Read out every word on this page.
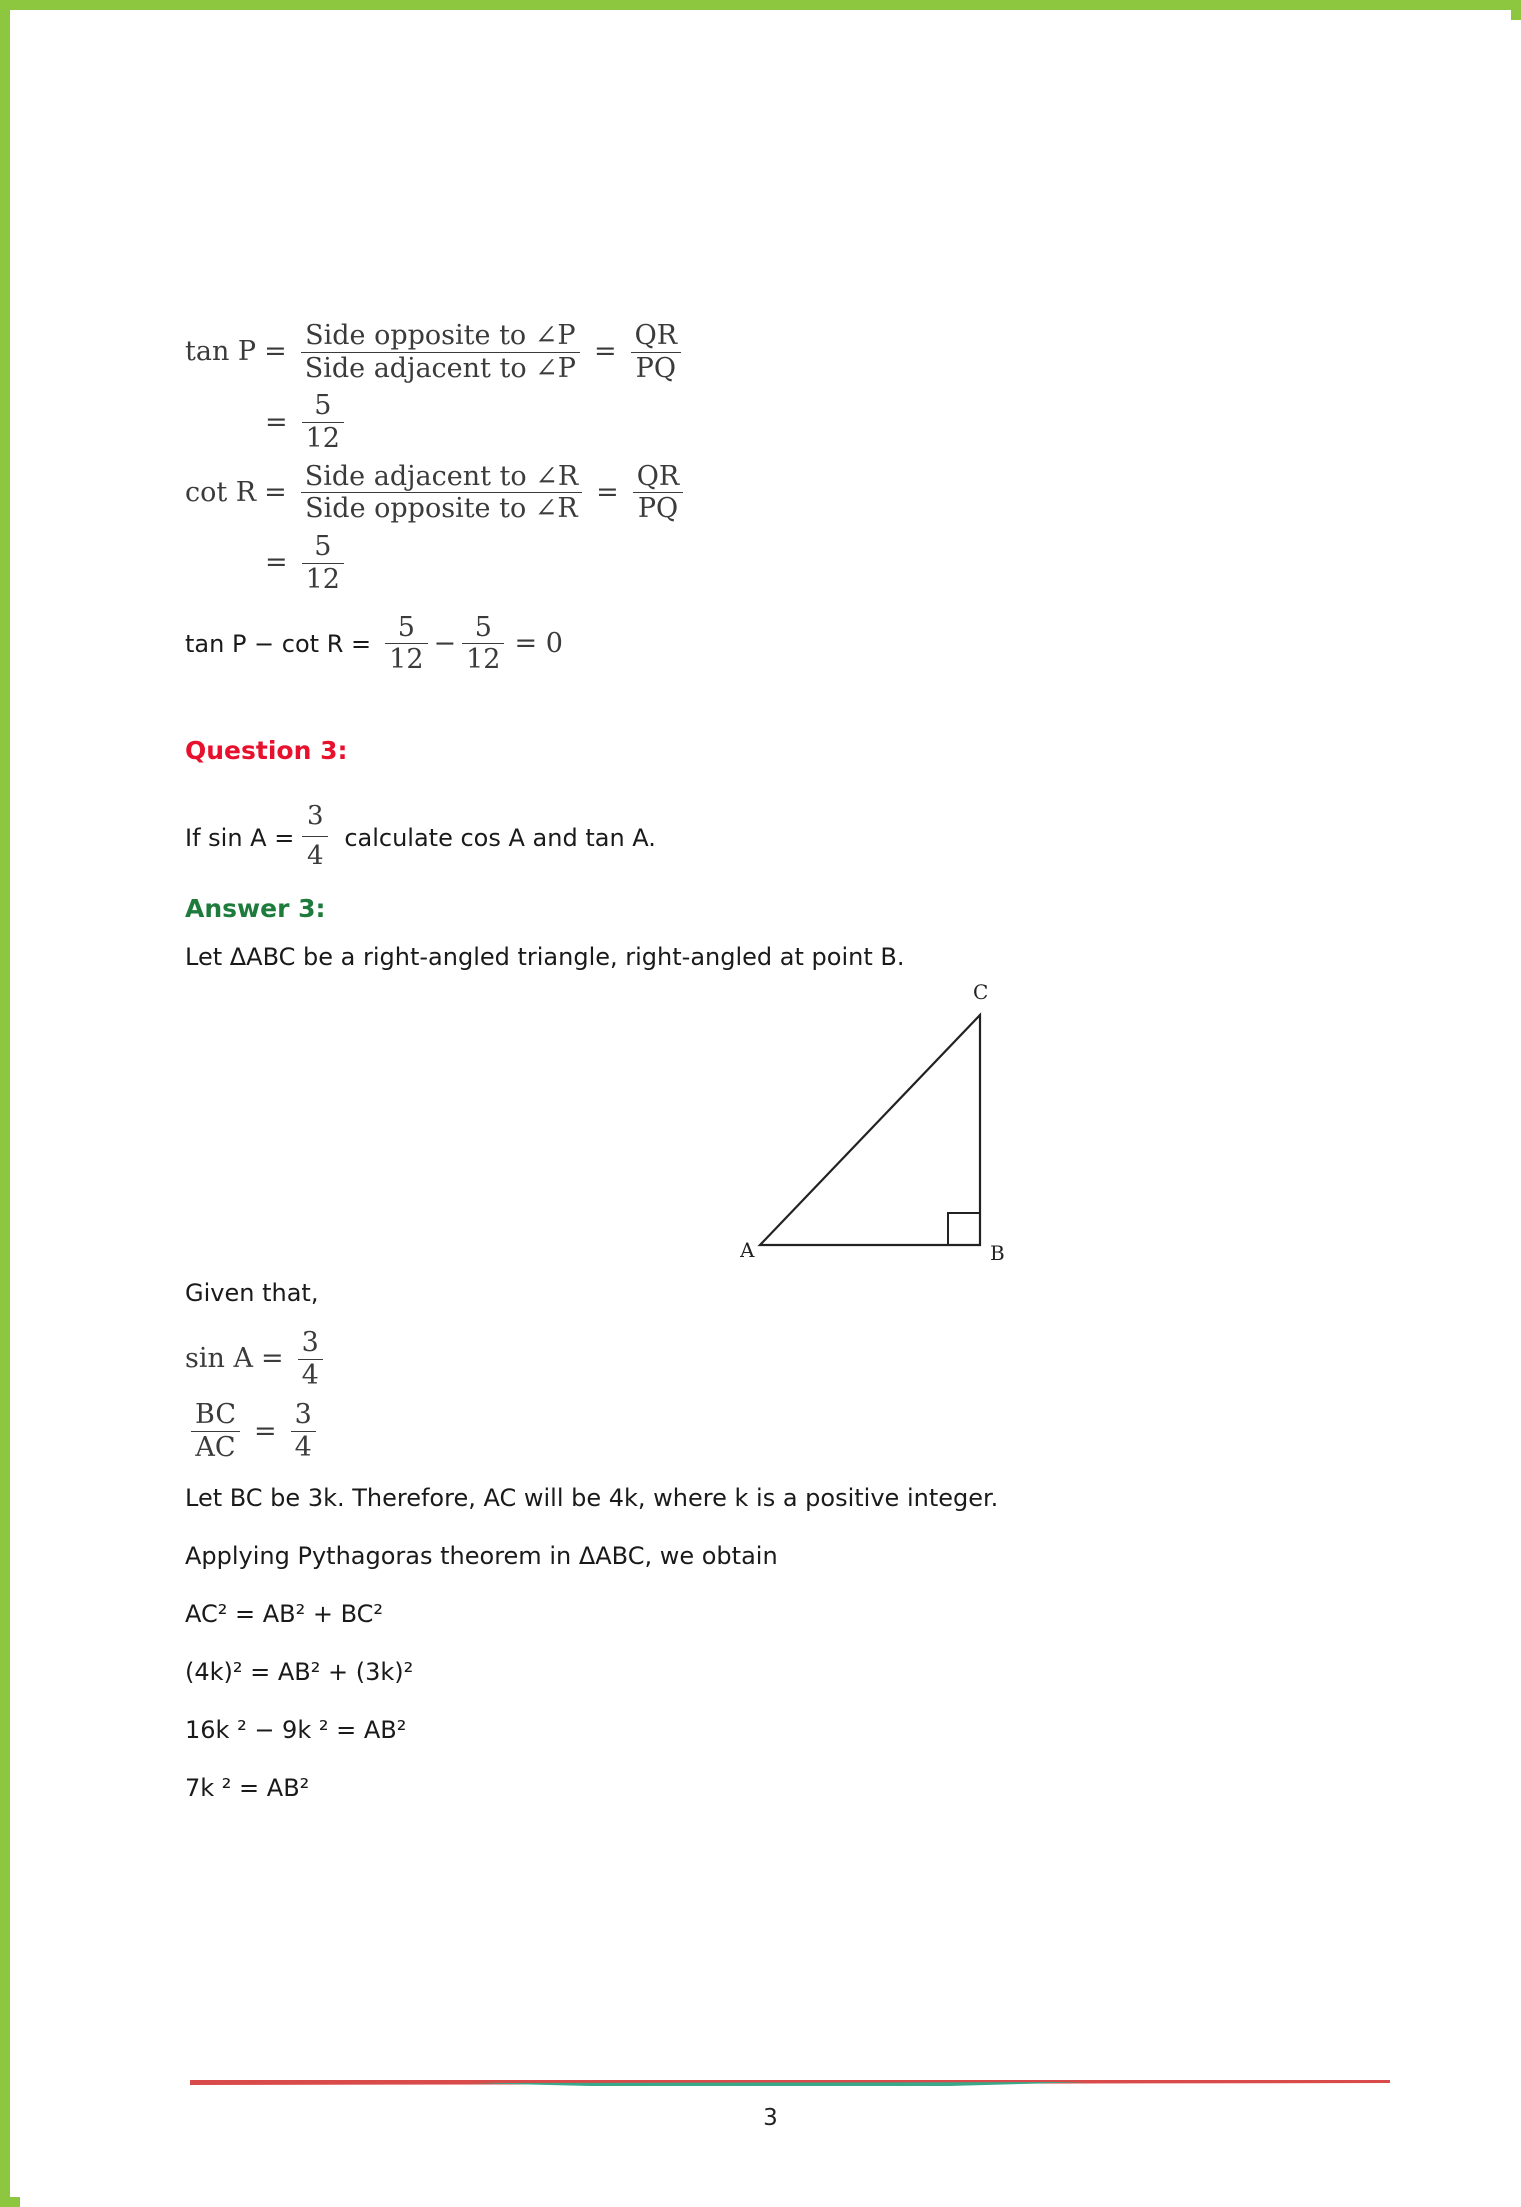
$\tan P = \frac{\text{Side opposite to ∠P}}{\text{Side adjacent to ∠P}} = \frac{QR}{PQ}$
= $\frac{5}{12}$
$\cot R = \frac{\text{Side adjacent to ∠R}}{\text{Side opposite to ∠R}} = \frac{QR}{PQ}$
= $\frac{5}{12}$
$\tan P - \cot R = \frac{5}{12} - \frac{5}{12} = 0$
Question 3:
If $\sin A = \frac{3}{4}$ calculate cos A and tan A.
Answer 3:
Let ΔABC be a right-angled triangle, right-angled at point B.
A	B
C
Given that,
$\sin A = \frac{3}{4}$
$\frac{BC}{AC} = \frac{3}{4}$
Let BC be 3k. Therefore, AC will be 4k, where k is a positive integer.
Applying Pythagoras theorem in ΔABC, we obtain
AC² = AB² + BC²
(4k)² = AB² + (3k)²
16k ² − 9k ² = AB²
7k ² = AB²
3
